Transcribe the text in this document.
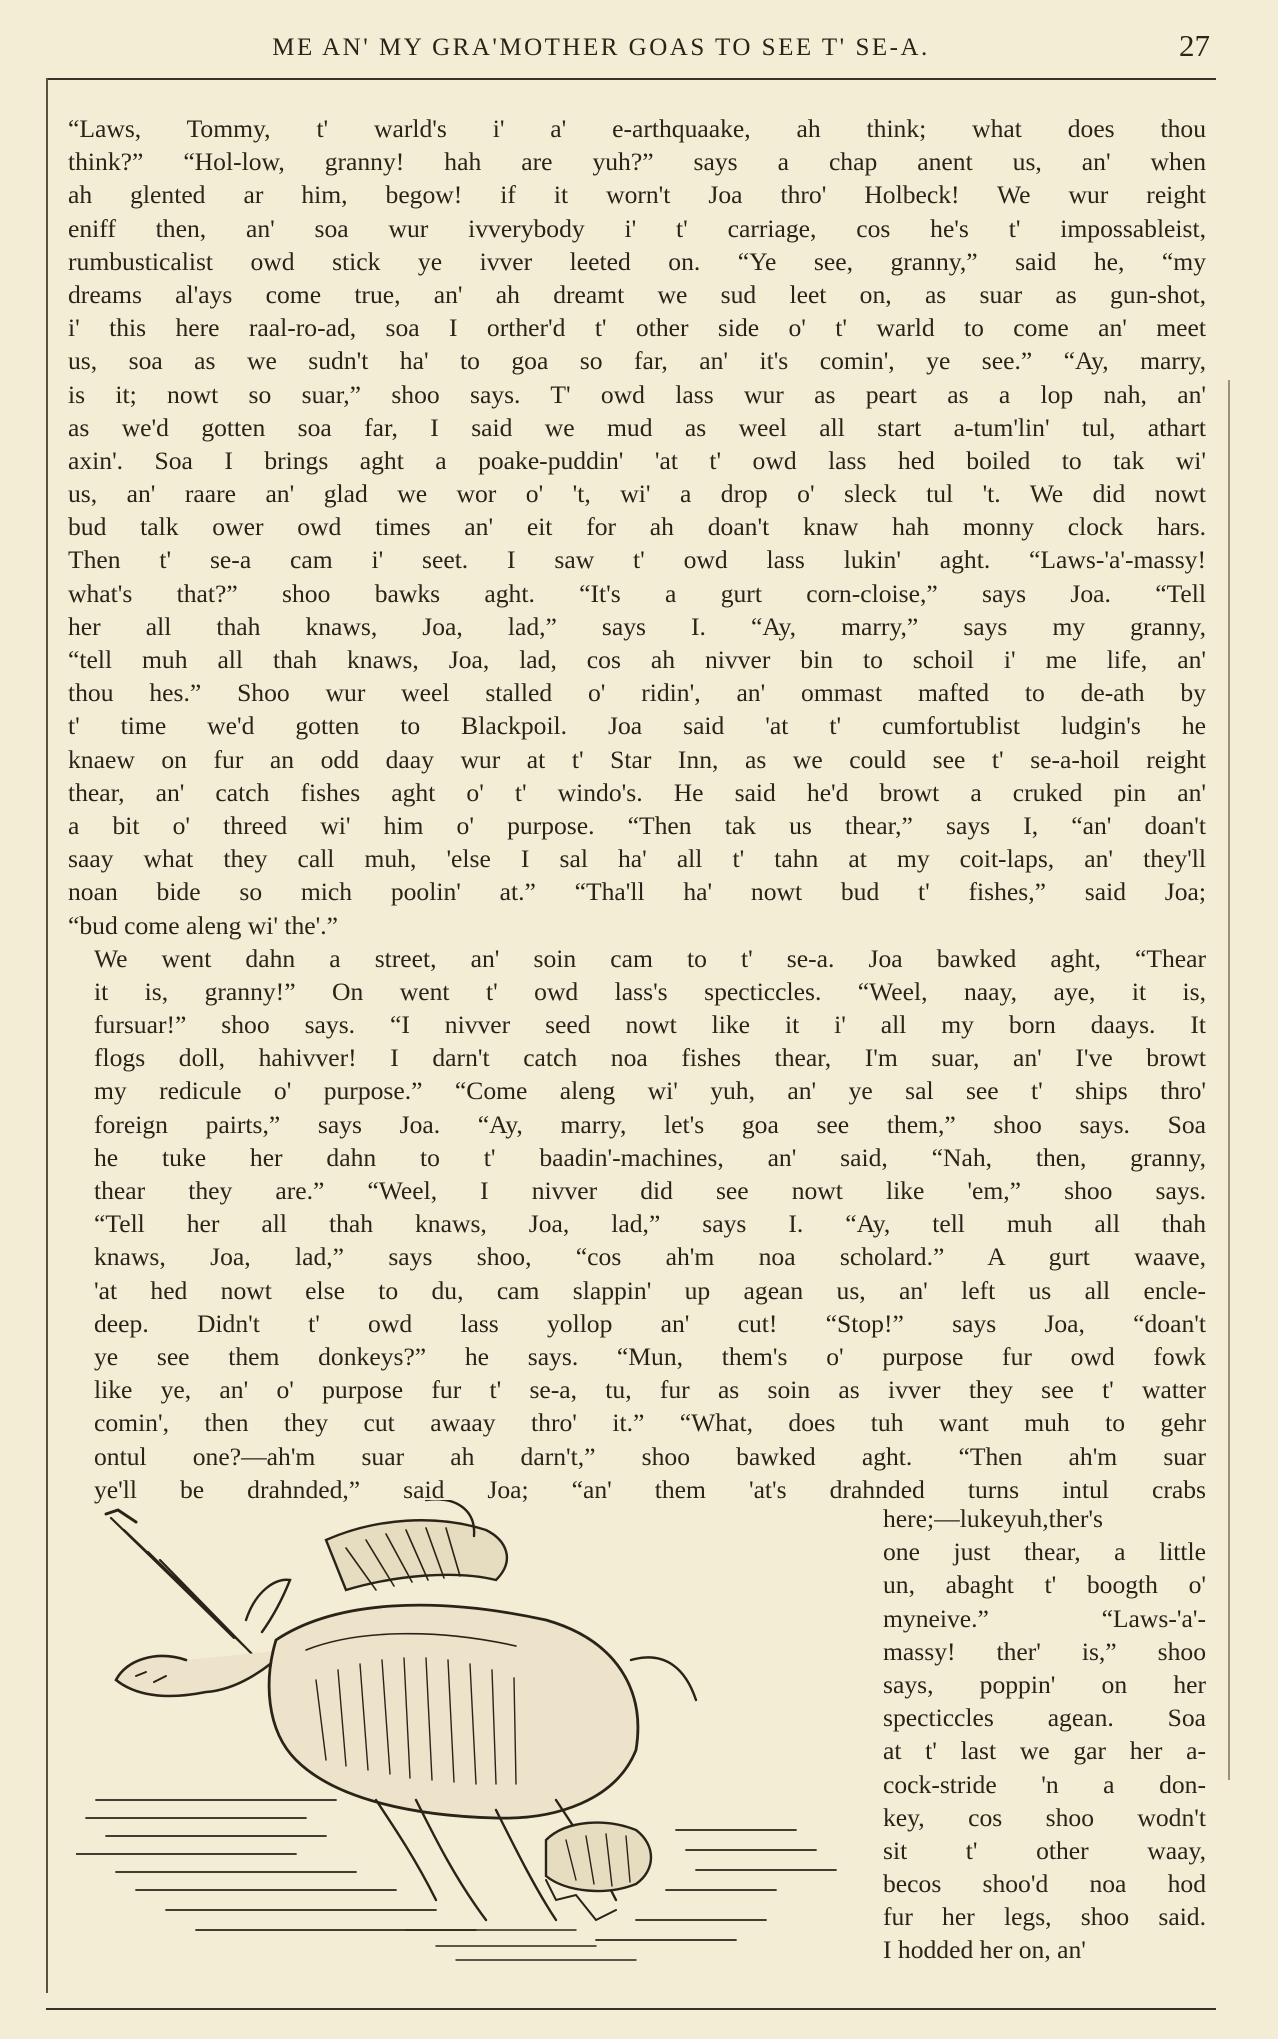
ME AN' MY GRA'MOTHER GOAS TO SEE T' SE-A.	27
“Laws, Tommy, t' warld's i' a' e-arthquaake, ah think; what does thou
think?” “Hol-low, granny! hah are yuh?” says a chap anent us, an' when
ah glented ar him, begow! if it worn't Joa thro' Holbeck! We wur reight
eniff then, an' soa wur ivverybody i' t' carriage, cos he's t' impossableist,
rumbusticalist owd stick ye ivver leeted on. “Ye see, granny,” said he, “my
dreams al'ays come true, an' ah dreamt we sud leet on, as suar as gun-shot,
i' this here raal-ro-ad, soa I orther'd t' other side o' t' warld to come an' meet
us, soa as we sudn't ha' to goa so far, an' it's comin', ye see.” “Ay, marry,
is it; nowt so suar,” shoo says. T' owd lass wur as peart as a lop nah, an'
as we'd gotten soa far, I said we mud as weel all start a-tum'lin' tul, athart
axin'. Soa I brings aght a poake-puddin' 'at t' owd lass hed boiled to tak wi'
us, an' raare an' glad we wor o' 't, wi' a drop o' sleck tul 't. We did nowt
bud talk ower owd times an' eit for ah doan't knaw hah monny clock hars.
Then t' se-a cam i' seet. I saw t' owd lass lukin' aght. “Laws-'a'-massy!
what's that?” shoo bawks aght. “It's a gurt corn-cloise,” says Joa. “Tell
her all thah knaws, Joa, lad,” says I. “Ay, marry,” says my granny,
“tell muh all thah knaws, Joa, lad, cos ah nivver bin to schoil i' me life, an'
thou hes.” Shoo wur weel stalled o' ridin', an' ommast mafted to de-ath by
t' time we'd gotten to Blackpoil. Joa said 'at t' cumfortublist ludgin's he
knaew on fur an odd daay wur at t' Star Inn, as we could see t' se-a-hoil reight
thear, an' catch fishes aght o' t' windo's. He said he'd browt a cruked pin an'
a bit o' threed wi' him o' purpose. “Then tak us thear,” says I, “an' doan't
saay what they call muh, 'else I sal ha' all t' tahn at my coit-laps, an' they'll
noan bide so mich poolin' at.” “Tha'll ha' nowt bud t' fishes,” said Joa;
“bud come aleng wi' the'.”
We went dahn a street, an' soin cam to t' se-a. Joa bawked aght, “Thear
it is, granny!” On went t' owd lass's specticcles. “Weel, naay, aye, it is,
fursuar!” shoo says. “I nivver seed nowt like it i' all my born daays. It
flogs doll, hahivver! I darn't catch noa fishes thear, I'm suar, an' I've browt
my redicule o' purpose.” “Come aleng wi' yuh, an' ye sal see t' ships thro'
foreign pairts,” says Joa. “Ay, marry, let's goa see them,” shoo says. Soa
he tuke her dahn to t' baadin'-machines, an' said, “Nah, then, granny,
thear they are.” “Weel, I nivver did see nowt like 'em,” shoo says.
“Tell her all thah knaws, Joa, lad,” says I. “Ay, tell muh all thah
knaws, Joa, lad,” says shoo, “cos ah'm noa scholard.” A gurt waave,
'at hed nowt else to du, cam slappin' up agean us, an' left us all encle-
deep. Didn't t' owd lass yollop an' cut! “Stop!” says Joa, “doan't
ye see them donkeys?” he says. “Mun, them's o' purpose fur owd fowk
like ye, an' o' purpose fur t' se-a, tu, fur as soin as ivver they see t' watter
comin', then they cut awaay thro' it.” “What, does tuh want muh to gehr
ontul one?—ah'm suar ah darn't,” shoo bawked aght. “Then ah'm suar
ye'll be drahnded,” said Joa; “an' them 'at's drahnded turns intul crabs
here;—lukeyuh,ther's
one just thear, a little
un, abaght t' boogth o'
myneive.” “Laws-'a'-
massy! ther' is,” shoo
says, poppin' on her
specticcles agean. Soa
at t' last we gar her a-
cock-stride 'n a don-
key, cos shoo wodn't
sit t' other waay,
becos shoo'd noa hod
fur her legs, shoo said.
I hodded her on, an'
